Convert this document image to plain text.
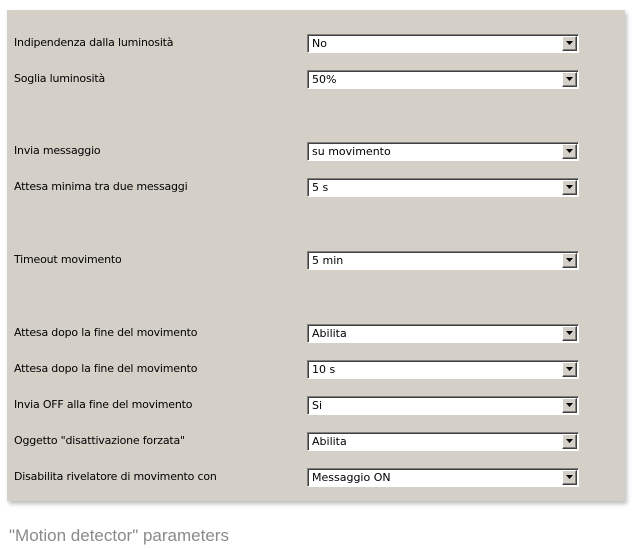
Indipendenza dalla luminosità	No
Soglia luminosità	50%
Invia messaggio	su movimento
Attesa minima tra due messaggi	5 s
Timeout movimento	5 min
Attesa dopo la fine del movimento	Abilita
Attesa dopo la fine del movimento	10 s
Invia OFF alla fine del movimento	Si
Oggetto "disattivazione forzata"	Abilita
Disabilita rivelatore di movimento con	Messaggio ON
"Motion detector" parameters
